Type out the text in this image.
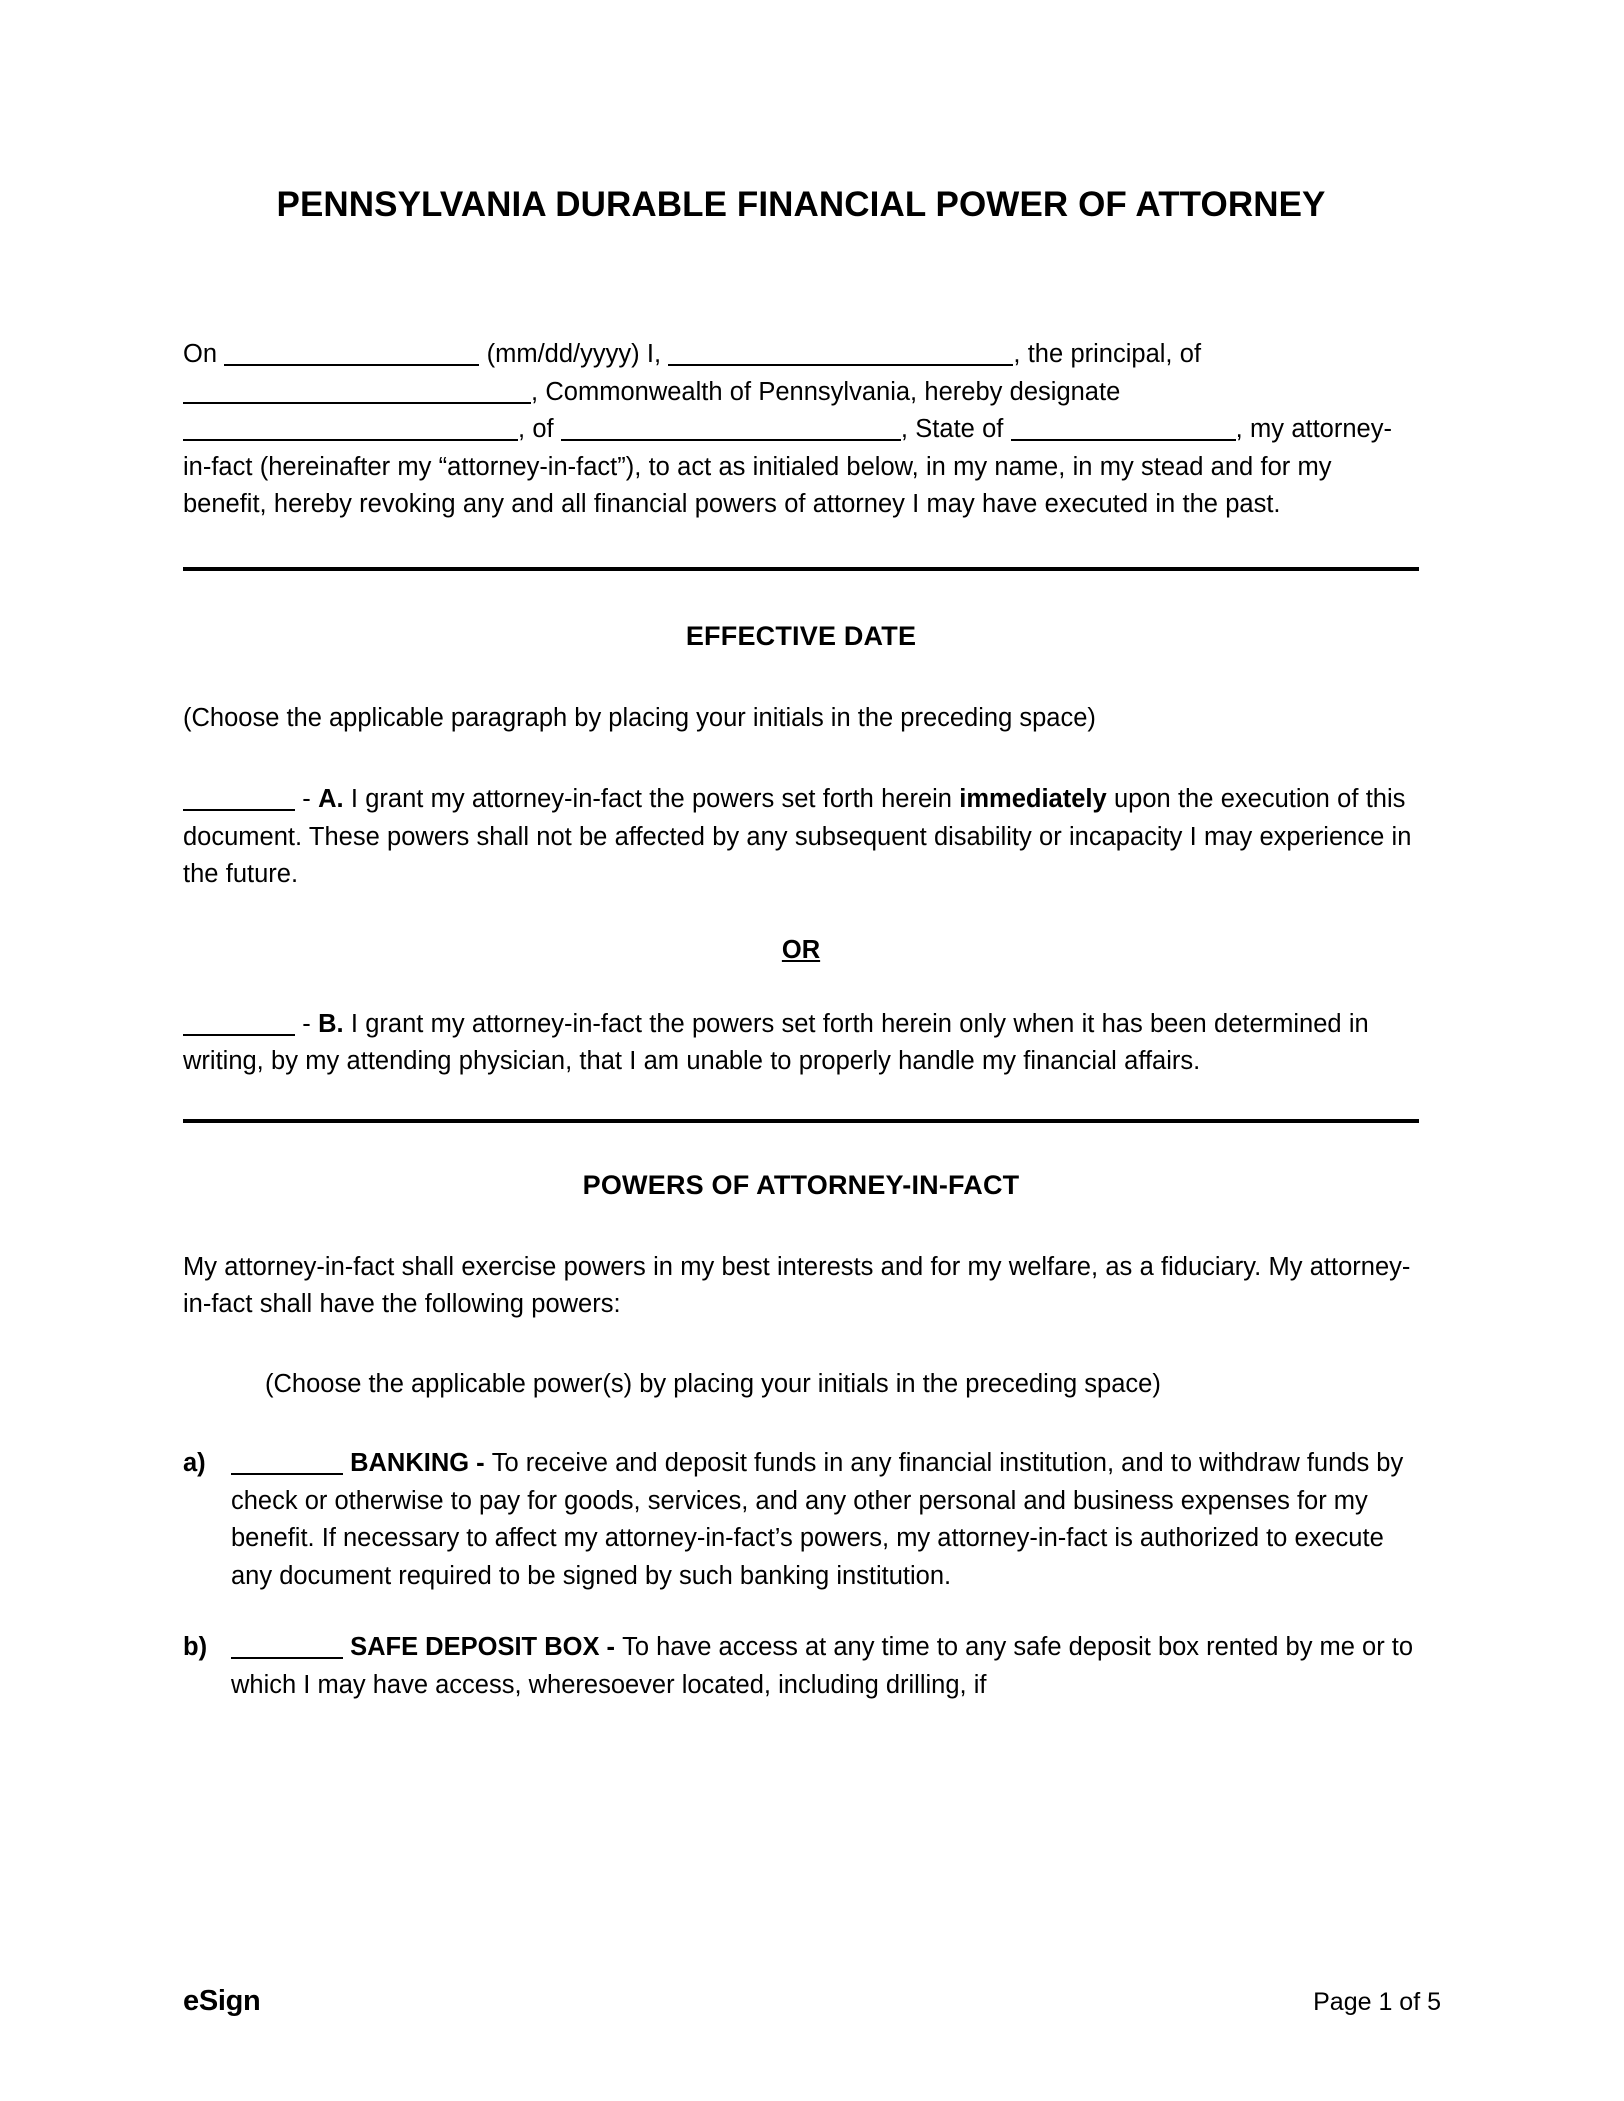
PENNSYLVANIA DURABLE FINANCIAL POWER OF ATTORNEY

On	(mm/dd/yyyy) I,	, the principal, of , Commonwealth of Pennsylvania, hereby designate , of	, State of	, my attorney-in-fact (hereinafter my “attorney-in-fact”), to act as initialed below, in my name, in my stead and for my benefit, hereby revoking any and all financial powers of attorney I may have executed in the past.

EFFECTIVE DATE

(Choose the applicable paragraph by placing your initials in the preceding space)

- A. I grant my attorney-in-fact the powers set forth herein immediately upon the execution of this document. These powers shall not be affected by any subsequent disability or incapacity I may experience in the future.

OR

- B. I grant my attorney-in-fact the powers set forth herein only when it has been determined in writing, by my attending physician, that I am unable to properly handle my financial affairs.

POWERS OF ATTORNEY-IN-FACT

My attorney-in-fact shall exercise powers in my best interests and for my welfare, as a fiduciary. My attorney-in-fact shall have the following powers:

(Choose the applicable power(s) by placing your initials in the preceding space)

a)	BANKING - To receive and deposit funds in any financial institution, and to withdraw funds by check or otherwise to pay for goods, services, and any other personal and business expenses for my benefit. If necessary to affect my attorney-in-fact’s powers, my attorney-in-fact is authorized to execute any document required to be signed by such banking institution.
b)	SAFE DEPOSIT BOX - To have access at any time to any safe deposit box rented by me or to which I may have access, wheresoever located, including drilling, if
eSign	Page 1 of 5
